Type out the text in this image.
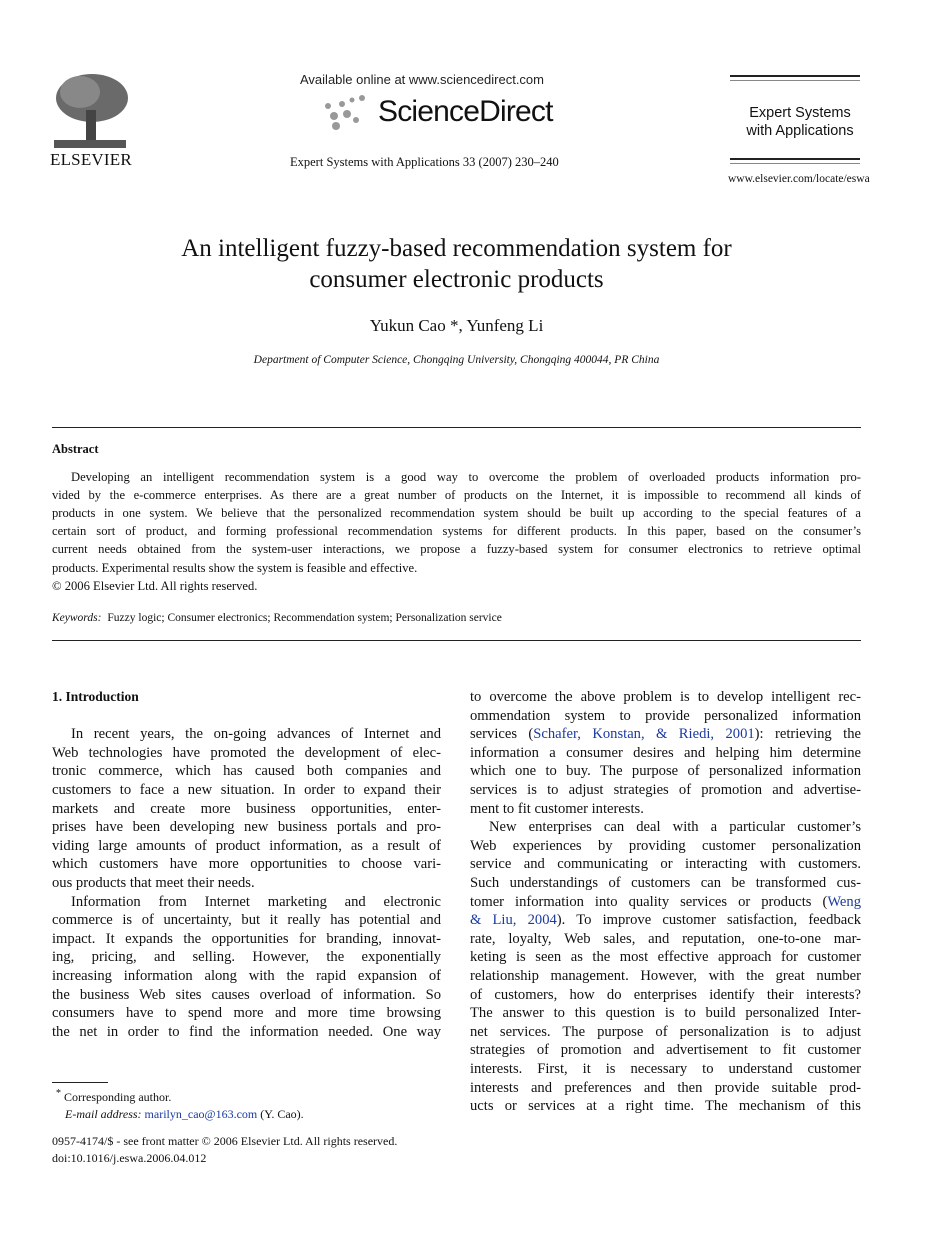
ELSEVIER
Available online at www.sciencedirect.com
ScienceDirect
Expert Systems with Applications 33 (2007) 230–240
Expert Systems
with Applications
www.elsevier.com/locate/eswa
An intelligent fuzzy-based recommendation system for
consumer electronic products
Yukun Cao *, Yunfeng Li
Department of Computer Science, Chongqing University, Chongqing 400044, PR China
Abstract
Developing an intelligent recommendation system is a good way to overcome the problem of overloaded products information pro-
vided by the e-commerce enterprises. As there are a great number of products on the Internet, it is impossible to recommend all kinds of
products in one system. We believe that the personalized recommendation system should be built up according to the special features of a
certain sort of product, and forming professional recommendation systems for different products. In this paper, based on the consumer’s
current needs obtained from the system-user interactions, we propose a fuzzy-based system for consumer electronics to retrieve optimal
products. Experimental results show the system is feasible and effective.
© 2006 Elsevier Ltd. All rights reserved.
Keywords: Fuzzy logic; Consumer electronics; Recommendation system; Personalization service
1. Introduction
In recent years, the on-going advances of Internet and
Web technologies have promoted the development of elec-
tronic commerce, which has caused both companies and
customers to face a new situation. In order to expand their
markets and create more business opportunities, enter-
prises have been developing new business portals and pro-
viding large amounts of product information, as a result of
which customers have more opportunities to choose vari-
ous products that meet their needs.
Information from Internet marketing and electronic
commerce is of uncertainty, but it really has potential and
impact. It expands the opportunities for branding, innovat-
ing, pricing, and selling. However, the exponentially
increasing information along with the rapid expansion of
the business Web sites causes overload of information. So
consumers have to spend more and more time browsing
the net in order to find the information needed. One way
to overcome the above problem is to develop intelligent rec-
ommendation system to provide personalized information
services (Schafer, Konstan, & Riedi, 2001): retrieving the
information a consumer desires and helping him determine
which one to buy. The purpose of personalized information
services is to adjust strategies of promotion and advertise-
ment to fit customer interests.
New enterprises can deal with a particular customer’s
Web experiences by providing customer personalization
service and communicating or interacting with customers.
Such understandings of customers can be transformed cus-
tomer information into quality services or products (Weng
& Liu, 2004). To improve customer satisfaction, feedback
rate, loyalty, Web sales, and reputation, one-to-one mar-
keting is seen as the most effective approach for customer
relationship management. However, with the great number
of customers, how do enterprises identify their interests?
The answer to this question is to build personalized Inter-
net services. The purpose of personalization is to adjust
strategies of promotion and advertisement to fit customer
interests. First, it is necessary to understand customer
interests and preferences and then provide suitable prod-
ucts or services at a right time. The mechanism of this
* Corresponding author.
E-mail address: marilyn_cao@163.com (Y. Cao).
0957-4174/$ - see front matter © 2006 Elsevier Ltd. All rights reserved.
doi:10.1016/j.eswa.2006.04.012
